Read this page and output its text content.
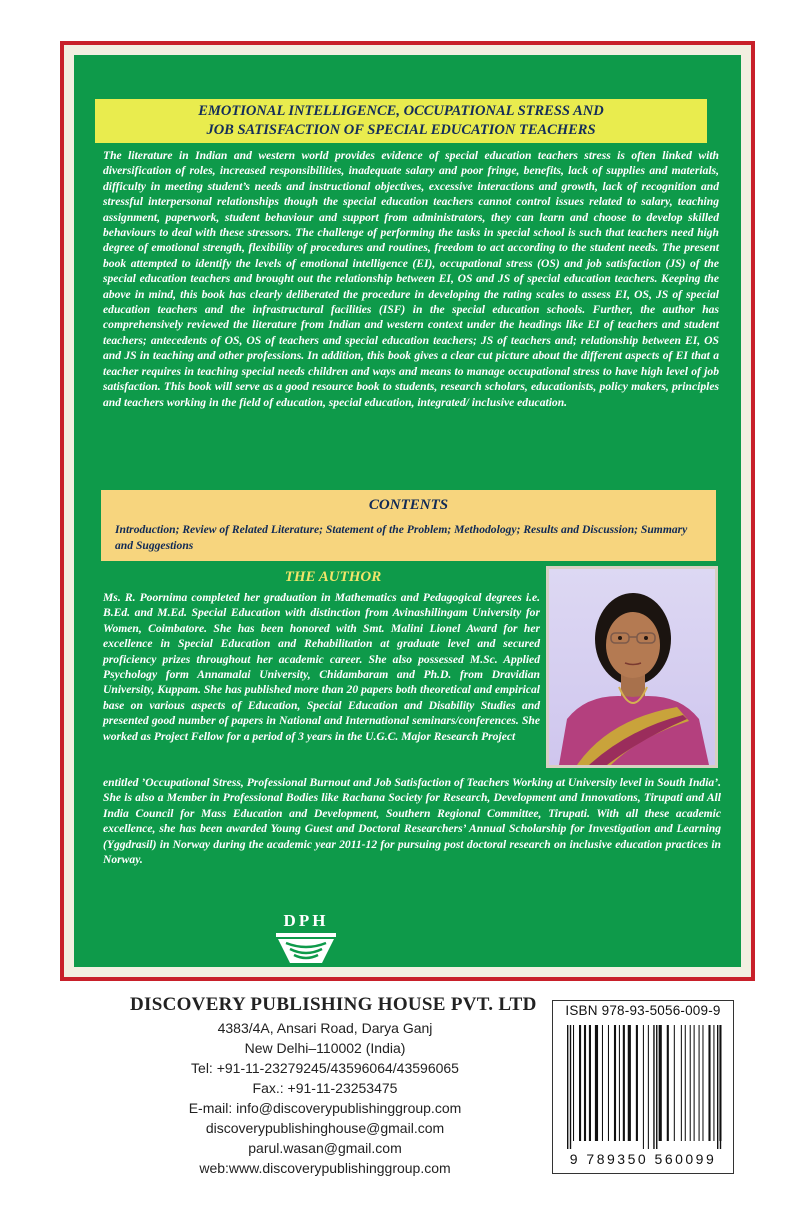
EMOTIONAL INTELLIGENCE, OCCUPATIONAL STRESS AND
JOB SATISFACTION OF SPECIAL EDUCATION TEACHERS

The literature in Indian and western world provides evidence of special education teachers stress is often linked with diversification of roles, increased responsibilities, inadequate salary and poor fringe, benefits, lack of supplies and materials, difficulty in meeting student’s needs and instructional objectives, excessive interactions and growth, lack of recognition and stressful interpersonal relationships though the special education teachers cannot control issues related to salary, teaching assignment, paperwork, student behaviour and support from administrators, they can learn and choose to develop skilled behaviours to deal with these stressors. The challenge of performing the tasks in special school is such that teachers need high degree of emotional strength, flexibility of procedures and routines, freedom to act according to the student needs. The present book attempted to identify the levels of emotional intelligence (EI), occupational stress (OS) and job satisfaction (JS) of the special education teachers and brought out the relationship between EI, OS and JS of special education teachers. Keeping the above in mind, this book has clearly deliberated the procedure in developing the rating scales to assess EI, OS, JS of special education teachers and the infrastructural facilities (ISF) in the special education schools. Further, the author has comprehensively reviewed the literature from Indian and western context under the headings like EI of teachers and student teachers; antecedents of OS, OS of teachers and special education teachers; JS of teachers and; relationship between EI, OS and JS in teaching and other professions. In addition, this book gives a clear cut picture about the different aspects of EI that a teacher requires in teaching special needs children and ways and means to manage occupational stress to have high level of job satisfaction. This book will serve as a good resource book to students, research scholars, educationists, policy makers, principles and teachers working in the field of education, special education, integrated/ inclusive education.

CONTENTS
Introduction; Review of Related Literature; Statement of the Problem; Methodology; Results and Discussion; Summary and Suggestions
THE AUTHOR

Ms. R. Poornima completed her graduation in Mathematics and Pedagogical degrees i.e. B.Ed. and M.Ed. Special Education with distinction from Avinashilingam University for Women, Coimbatore. She has been honored with Smt. Malini Lionel Award for her excellence in Special Education and Rehabilitation at graduate level and secured proficiency prizes throughout her academic career. She also possessed M.Sc. Applied Psychology form Annamalai University, Chidambaram and Ph.D. from Dravidian University, Kuppam. She has published more than 20 papers both theoretical and empirical base on various aspects of Education, Special Education and Disability Studies and presented good number of papers in National and International seminars/conferences. She worked as Project Fellow for a period of 3 years in the U.G.C. Major Research Project

entitled ’Occupational Stress, Professional Burnout and Job Satisfaction of Teachers Working at University level in South India’. She is also a Member in Professional Bodies like Rachana Society for Research, Development and Innovations, Tirupati and All India Council for Mass Education and Development, Southern Regional Committee, Tirupati. With all these academic excellence, she has been awarded Young Guest and Doctoral Researchers’ Annual Scholarship for Investigation and Learning (Yggdrasil) in Norway during the academic year 2011-12 for pursuing post doctoral research on inclusive education practices in Norway.

DPH
DISCOVERY PUBLISHING HOUSE PVT. LTD
4383/4A, Ansari Road, Darya Ganj
New Delhi–110002 (India)
Tel: +91-11-23279245/43596064/43596065
Fax.: +91-11-23253475
E-mail: info@discoverypublishinggroup.com
discoverypublishinghouse@gmail.com
parul.wasan@gmail.com
web:www.discoverypublishinggroup.com
ISBN 978-93-5056-009-9
9 789350 560099
